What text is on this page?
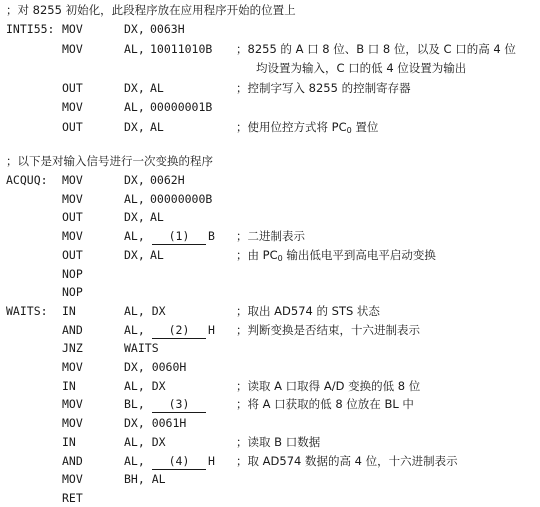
；对 8255 初始化，此段程序放在应用程序开始的位置上
INTI55: MOV	DX, 0063H
MOV	AL, 10011010B ；8255 的 A 口 8 位、B 口 8 位，以及 C 口的高 4 位
均设置为输入，C 口的低 4 位设置为输出
OUT	DX, AL	；控制字写入 8255 的控制寄存器
MOV	AL, 00000001B
OUT	DX, AL	；使用位控方式将 $PC_0$ 置位
；以下是对输入信号进行一次变换的程序
ACQUQ: MOV	DX, 0062H
MOV	AL, 00000000B
OUT	DX, AL
MOV	AL,	(1) B ；二进制表示
OUT	DX, AL	；由 $PC_0$ 输出低电平到高电平启动变换
NOP
NOP
WAITS: IN	AL, DX	；取出 AD574 的 STS 状态
AND	AL,	(2) H ；判断变换是否结束，十六进制表示
JNZ	WAITS
MOV	DX, 0060H
IN	AL, DX	；读取 A 口取得 A/D 变换的低 8 位
MOV	BL,	(3)	；将 A 口获取的低 8 位放在 BL 中
MOV	DX, 0061H
IN	AL, DX	；读取 B 口数据
AND	AL,	(4) H ；取 AD574 数据的高 4 位，十六进制表示
MOV	BH, AL
RET
